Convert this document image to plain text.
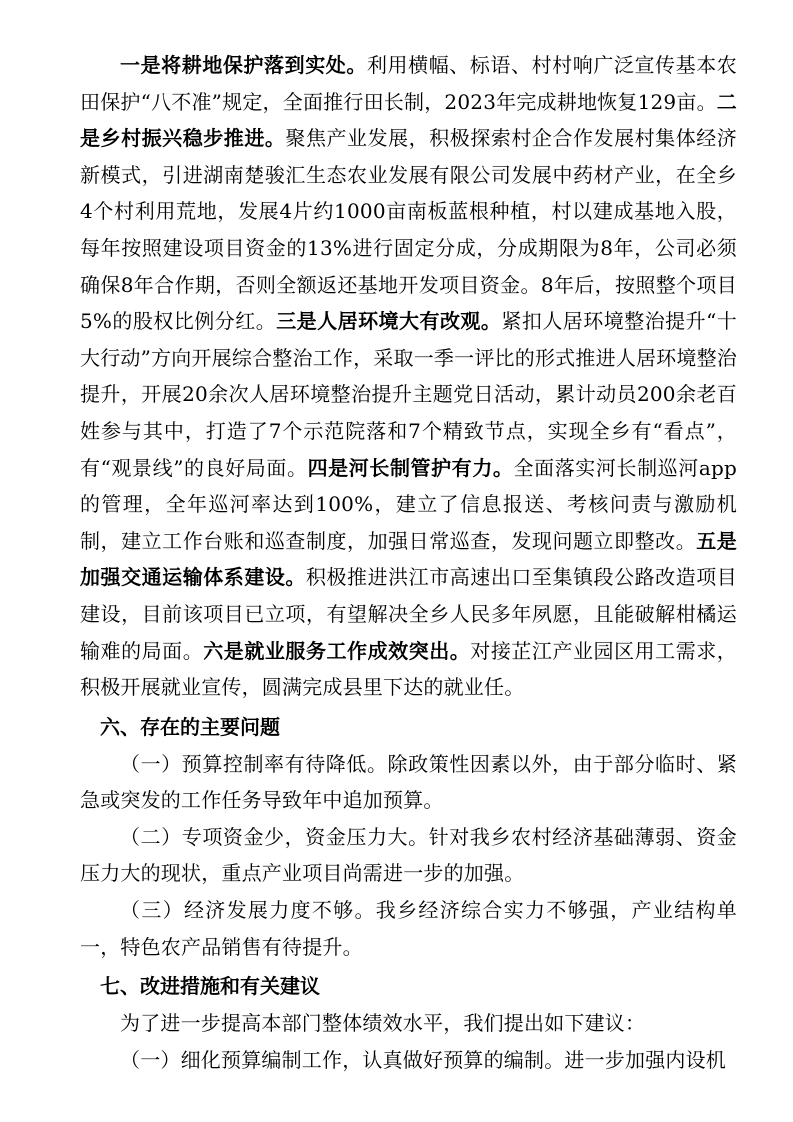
一是将耕地保护落到实处。利用横幅、标语、村村响广泛宣传基本农田保护“八不准”规定，全面推行田长制，2023年完成耕地恢复129亩。二是乡村振兴稳步推进。聚焦产业发展，积极探索村企合作发展村集体经济新模式，引进湖南楚骏汇生态农业发展有限公司发展中药材产业，在全乡4个村利用荒地，发展4片约1000亩南板蓝根种植，村以建成基地入股，每年按照建设项目资金的13%进行固定分成，分成期限为8年，公司必须确保8年合作期，否则全额返还基地开发项目资金。8年后，按照整个项目5%的股权比例分红。三是人居环境大有改观。紧扣人居环境整治提升“十大行动”方向开展综合整治工作，采取一季一评比的形式推进人居环境整治提升，开展20余次人居环境整治提升主题党日活动，累计动员200余老百姓参与其中，打造了7个示范院落和7个精致节点，实现全乡有“看点”，有“观景线”的良好局面。四是河长制管护有力。全面落实河长制巡河app的管理，全年巡河率达到100%，建立了信息报送、考核问责与激励机制，建立工作台账和巡查制度，加强日常巡查，发现问题立即整改。五是加强交通运输体系建设。积极推进洪江市高速出口至集镇段公路改造项目建设，目前该项目已立项，有望解决全乡人民多年夙愿，且能破解柑橘运输难的局面。六是就业服务工作成效突出。对接芷江产业园区用工需求，积极开展就业宣传，圆满完成县里下达的就业任。

六、存在的主要问题

（一）预算控制率有待降低。除政策性因素以外，由于部分临时、紧急或突发的工作任务导致年中追加预算。

（二）专项资金少，资金压力大。针对我乡农村经济基础薄弱、资金压力大的现状，重点产业项目尚需进一步的加强。

（三）经济发展力度不够。我乡经济综合实力不够强，产业结构单一，特色农产品销售有待提升。

七、改进措施和有关建议

为了进一步提高本部门整体绩效水平，我们提出如下建议：

（一）细化预算编制工作，认真做好预算的编制。进一步加强内设机
